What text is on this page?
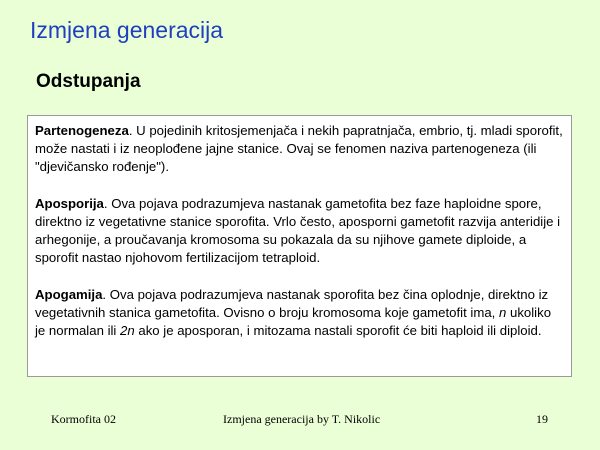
Izmjena generacija
Odstupanja

Partenogeneza. U pojedinih kritosjemenjača i nekih papratnjača, embrio, tj. mladi sporofit, može nastati i iz neoplođene jajne stanice. Ovaj se fenomen naziva partenogeneza (ili "djevičansko rođenje").

Aposporija. Ova pojava podrazumjeva nastanak gametofita bez faze haploidne spore, direktno iz vegetativne stanice sporofita. Vrlo često, aposporni gametofit razvija anteridije i arhegonije, a proučavanja kromosoma su pokazala da su njihove gamete diploide, a sporofit nastao njohovom fertilizacijom tetraploid.

Apogamija. Ova pojava podrazumjeva nastanak sporofita bez čina oplodnje, direktno iz vegetativnih stanica gametofita. Ovisno o broju kromosoma koje gametofit ima, n ukoliko je normalan ili 2n ako je aposporan, i mitozama nastali sporofit će biti haploid ili diploid.

Kormofita 02	Izmjena generacija by T. Nikolic	19
